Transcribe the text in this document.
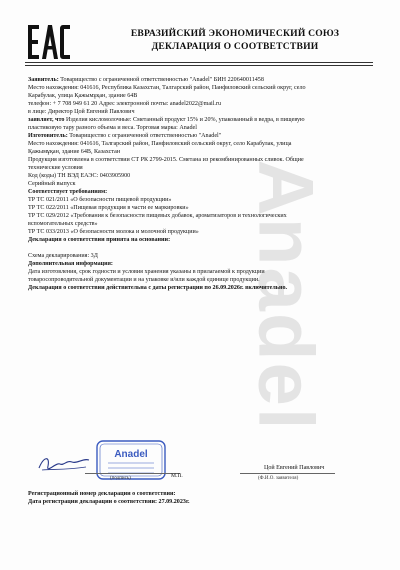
Anadel
ЕВРАЗИЙСКИЙ ЭКОНОМИЧЕСКИЙ СОЮЗ
ДЕКЛАРАЦИЯ О СООТВЕТСТВИИ
Заявитель: Товарищество с ограниченной ответственностью "Anadel" БИН 220640011458
Место нахождения: 041616, Республика Казахстан, Талгарский район, Панфиловский сельский округ, село
Карабулак, улица Қажымұқан, здание 64В
телефон: + 7 708 949 61 20 Адрес электронной почты: anadel2022@mail.ru
в лице: Директор Цой Евгений Павлович
заявляет, что Изделия кисломолочные: Сметанный продукт 15% и 20%, упакованный в ведра, в пищевую
пластиковую тару разного объема и веса. Торговая марка: Anadel
Изготовитель: Товарищество с ограниченной ответственностью "Anadel"
Место нахождения: 041616, Талгарский район, Панфиловский сельский округ, село Карабулак, улица
Қажымұқан, здание 64В, Казахстан
Продукция изготовлена в соответствии СТ РК 2799-2015. Сметана из рекомбинированных сливок. Общие
технические условия
Код (коды) ТН ВЭД ЕАЭС: 0403905900
Серийный выпуск
Соответствует требованиям:
ТР ТС 021/2011 «О безопасности пищевой продукции»
ТР ТС 022/2011 «Пищевая продукция в части ее маркировки»
ТР ТС 029/2012 «Требования к безопасности пищевых добавок, ароматизаторов и технологических
вспомогательных средств»
ТР ТС 033/2013 «О безопасности молока и молочной продукции»
Декларация о соответствии принята на основании:
Схема декларирования: 3Д
Дополнительная информация:
Дата изготовления, срок годности и условия хранения указаны в прилагаемой к продукции
товаросопроводительной документации и на упаковке и/или каждой единице продукции.
Декларация о соответствии действительна с даты регистрации по 26.09.2026г. включительно.
Anadel
М.П.
(подпись)
Цой Евгений Павлович
(Ф.И.О. заявителя)
Регистрационный номер декларации о соответствии:
Дата регистрации декларации о соответствии: 27.09.2023г.
